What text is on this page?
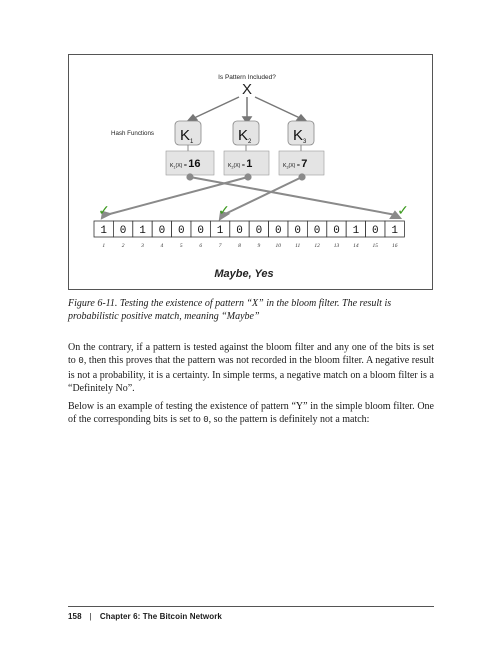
Is Pattern Included?
X
Hash Functions $K_1$	$K_2$	$K_3$
K1(X) = 16	K2(X) = 1	K3(X) = 7
✓	✓	✓
1 0 1 0 0 0 1 0 0 0 0 0 0 1 0 1
1	2	3	4	5	6	7	8	9	10	11	12	13	14	15	16
Maybe, Yes
Figure 6-11. Testing the existence of pattern “X” in the bloom filter. The result is probabilistic positive match, meaning “Maybe”

On the contrary, if a pattern is tested against the bloom filter and any one of the bits is set to 0, then this proves that the pattern was not recorded in the bloom filter. A negative result is not a probability, it is a certainty. In simple terms, a negative match on a bloom filter is a “Definitely No”.

Below is an example of testing the existence of pattern “Y” in the simple bloom filter. One of the corresponding bits is set to 0, so the pattern is definitely not a match:

158 | Chapter 6: The Bitcoin Network
